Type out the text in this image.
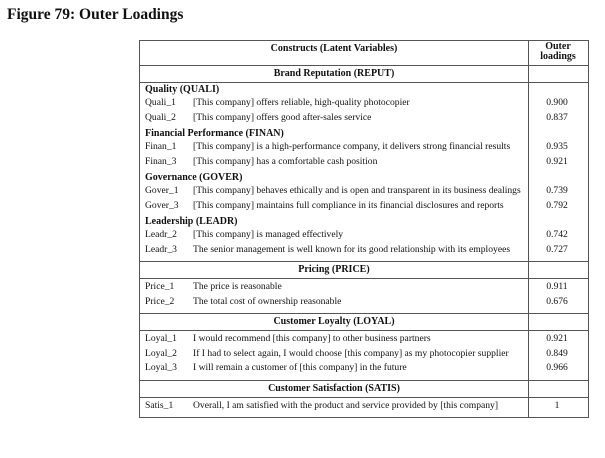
Figure 79: Outer Loadings
Constructs (Latent Variables)	Outer
loadings
Brand Reputation (REPUT)
Quality (QUALI)
Quali_1	[This company] offers reliable, high-quality photocopier	0.900
Quali_2	[This company] offers good after-sales service	0.837
Financial Performance (FINAN)
Finan_1	[This company] is a high-performance company, it delivers strong financial results	0.935
Finan_3	[This company] has a comfortable cash position	0.921
Governance (GOVER)
Gover_1	[This company] behaves ethically and is open and transparent in its business dealings	0.739
Gover_3	[This company] maintains full compliance in its financial disclosures and reports	0.792
Leadership (LEADR)
Leadr_2	[This company] is managed effectively	0.742
Leadr_3	The senior management is well known for its good relationship with its employees	0.727
Pricing (PRICE)
Price_1	The price is reasonable	0.911
Price_2	The total cost of ownership reasonable	0.676
Customer Loyalty (LOYAL)
Loyal_1	I would recommend [this company] to other business partners	0.921
Loyal_2	If I had to select again, I would choose [this company] as my photocopier supplier	0.849
Loyal_3	I will remain a customer of [this company] in the future	0.966
Customer Satisfaction (SATIS)
Satis_1	Overall, I am satisfied with the product and service provided by [this company]	1
